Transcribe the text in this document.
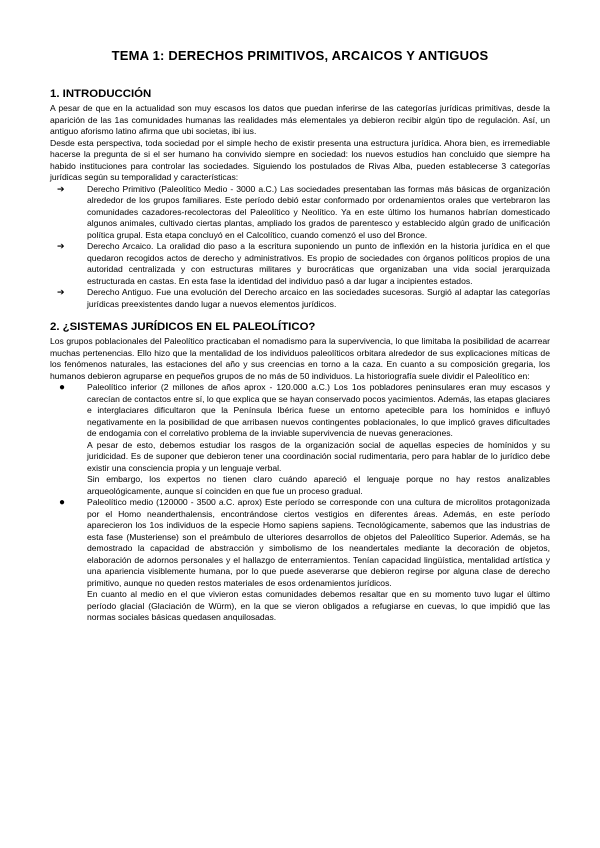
TEMA 1: DERECHOS PRIMITIVOS, ARCAICOS Y ANTIGUOS
1. INTRODUCCIÓN

A pesar de que en la actualidad son muy escasos los datos que puedan inferirse de las categorías jurídicas primitivas, desde la aparición de las 1as comunidades humanas las realidades más elementales ya debieron recibir algún tipo de regulación. Así, un antiguo aforismo latino afirma que ubi societas, ibi ius.

Desde esta perspectiva, toda sociedad por el simple hecho de existir presenta una estructura jurídica. Ahora bien, es irremediable hacerse la pregunta de si el ser humano ha convivido siempre en sociedad: los nuevos estudios han concluido que siempre ha habido instituciones para controlar las sociedades. Siguiendo los postulados de Rivas Alba, pueden establecerse 3 categorías jurídicas según su temporalidad y características:

➔	Derecho Primitivo (Paleolítico Medio - 3000 a.C.) Las sociedades presentaban las formas más básicas de organización alrededor de los grupos familiares. Este período debió estar conformado por ordenamientos orales que vertebraron las comunidades cazadores-recolectoras del Paleolítico y Neolítico. Ya en este último los humanos habrían domesticado algunos animales, cultivado ciertas plantas, ampliado los grados de parentesco y establecido algún grado de unificación política grupal. Esta etapa concluyó en el Calcolítico, cuando comenzó el uso del Bronce.

➔	Derecho Arcaico. La oralidad dio paso a la escritura suponiendo un punto de inflexión en la historia jurídica en el que quedaron recogidos actos de derecho y administrativos. Es propio de sociedades con órganos políticos propios de una autoridad centralizada y con estructuras militares y burocráticas que organizaban una vida social jerarquizada estructurada en castas. En esta fase la identidad del individuo pasó a dar lugar a incipientes estados.

➔	Derecho Antiguo. Fue una evolución del Derecho arcaico en las sociedades sucesoras. Surgió al adaptar las categorías jurídicas preexistentes dando lugar a nuevos elementos jurídicos.

2. ¿SISTEMAS JURÍDICOS EN EL PALEOLÍTICO?

Los grupos poblacionales del Paleolítico practicaban el nomadismo para la supervivencia, lo que limitaba la posibilidad de acarrear muchas pertenencias. Ello hizo que la mentalidad de los individuos paleolíticos orbitara alrededor de sus explicaciones míticas de los fenómenos naturales, las estaciones del año y sus creencias en torno a la caza. En cuanto a su composición gregaria, los humanos debieron agruparse en pequeños grupos de no más de 50 individuos. La historiografía suele dividir el Paleolítico en:

●	Paleolítico inferior (2 millones de años aprox - 120.000 a.C.) Los 1os pobladores peninsulares eran muy escasos y carecían de contactos entre sí, lo que explica que se hayan conservado pocos yacimientos. Además, las etapas glaciares e interglaciares dificultaron que la Península Ibérica fuese un entorno apetecible para los homínidos e influyó negativamente en la posibilidad de que arribasen nuevos contingentes poblacionales, lo que implicó graves dificultades de endogamia con el correlativo problema de la inviable supervivencia de nuevas generaciones.

A pesar de esto, debemos estudiar los rasgos de la organización social de aquellas especies de homínidos y su juridicidad. Es de suponer que debieron tener una coordinación social rudimentaria, pero para hablar de lo jurídico debe existir una consciencia propia y un lenguaje verbal.

Sin embargo, los expertos no tienen claro cuándo apareció el lenguaje porque no hay restos analizables arqueológicamente, aunque sí coinciden en que fue un proceso gradual.

●	Paleolítico medio (120000 - 3500 a.C. aprox) Este período se corresponde con una cultura de microlitos protagonizada por el Homo neanderthalensis, encontrándose ciertos vestigios en diferentes áreas. Además, en este período aparecieron los 1os individuos de la especie Homo sapiens sapiens. Tecnológicamente, sabemos que las industrias de esta fase (Musteriense) son el preámbulo de ulteriores desarrollos de objetos del Paleolítico Superior. Además, se ha demostrado la capacidad de abstracción y simbolismo de los neandertales mediante la decoración de objetos, elaboración de adornos personales y el hallazgo de enterramientos. Tenían capacidad lingüística, mentalidad artística y una apariencia visiblemente humana, por lo que puede aseverarse que debieron regirse por alguna clase de derecho primitivo, aunque no queden restos materiales de esos ordenamientos jurídicos.

En cuanto al medio en el que vivieron estas comunidades debemos resaltar que en su momento tuvo lugar el último período glacial (Glaciación de Würm), en la que se vieron obligados a refugiarse en cuevas, lo que impidió que las normas sociales básicas quedasen anquilosadas.
